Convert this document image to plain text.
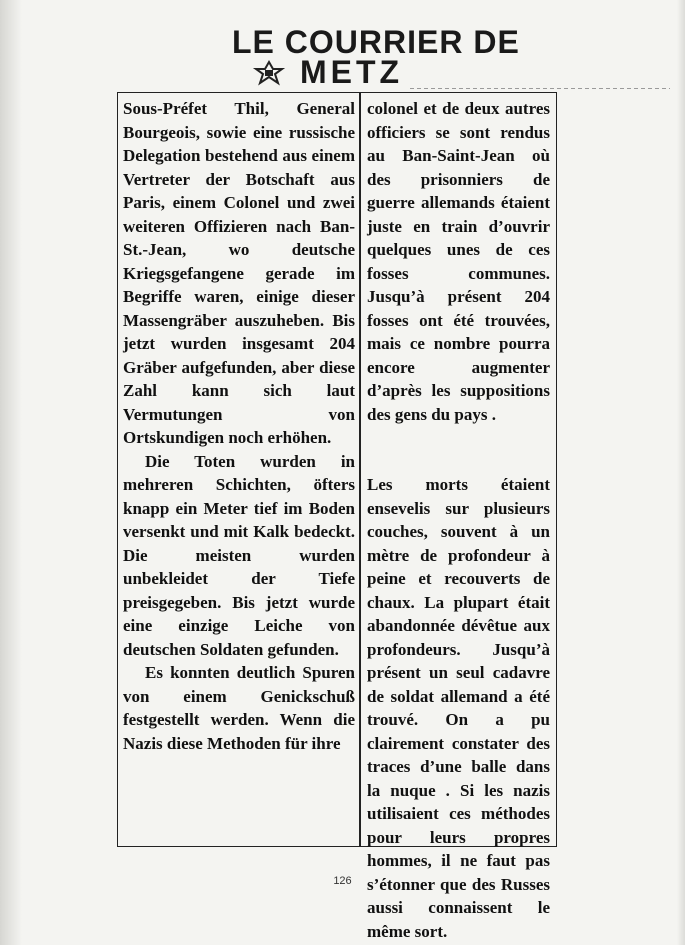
LE COURRIER DE
METZ

Sous-Préfet Thil, General Bourgeois, sowie eine russische Delegation bestehend aus einem Vertreter der Botschaft aus Paris, einem Colonel und zwei weiteren Offizieren nach Ban-St.-Jean, wo deutsche Kriegsgefangene gerade im Begriffe waren, einige dieser Massengräber auszuheben. Bis jetzt wurden insgesamt 204 Gräber aufgefunden, aber diese Zahl kann sich laut Vermutungen von Ortskundigen noch erhöhen.

Die Toten wurden in mehreren Schichten, öfters knapp ein Meter tief im Boden versenkt und mit Kalk bedeckt. Die meisten wurden unbekleidet der Tiefe preisgegeben. Bis jetzt wurde eine einzige Leiche von deutschen Soldaten gefunden.

Es konnten deutlich Spuren von einem Genickschuß festgestellt werden. Wenn die Nazis diese Methoden für ihre

colonel et de deux autres officiers se sont rendus au Ban-Saint-Jean où des prisonniers de guerre allemands étaient juste en train d’ouvrir quelques unes de ces fosses communes. Jusqu’à présent 204 fosses ont été trouvées, mais ce nombre pourra encore augmenter d’après les suppositions des gens du pays .

Les morts étaient ensevelis sur plusieurs couches, souvent à un mètre de profondeur à peine et recouverts de chaux. La plupart était abandonnée dévêtue aux profondeurs. Jusqu’à présent un seul cadavre de soldat allemand a été trouvé. On a pu clairement constater des traces d’une balle dans la nuque . Si les nazis utilisaient ces méthodes pour leurs propres hommes, il ne faut pas s’étonner que des Russes aussi connaissent le même sort.

126
